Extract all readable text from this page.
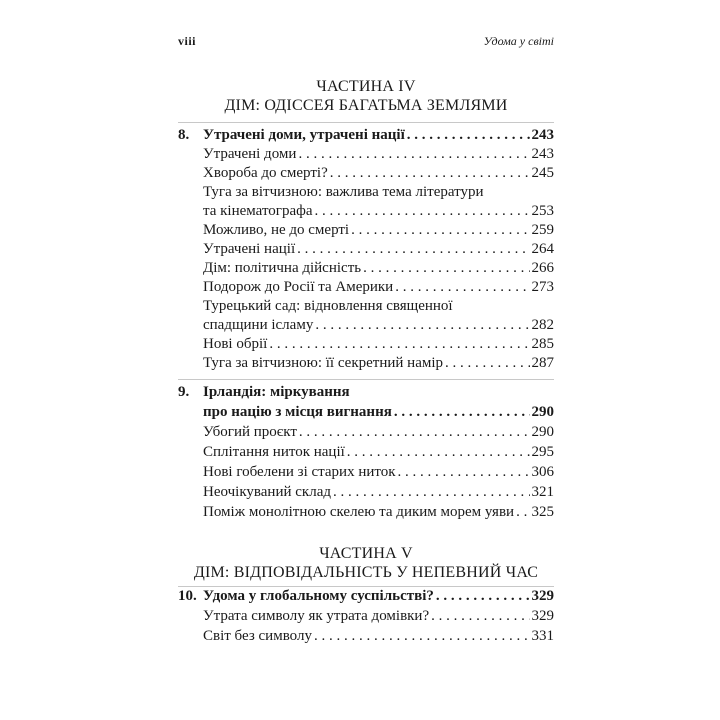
viii	Удома у світі
ЧАСТИНА IV
ДІМ: ОДІССЕЯ БАГАТЬМА ЗЕМЛЯМИ
8. Утрачені доми, утрачені нації . . .	243
Утрачені доми . . .	243
Хвороба до смерті? . . .	245
Туга за вітчизною: важлива тема літератури
та кінематографа . . .	253
Можливо, не до смерті . . .	259
Утрачені нації . . .	264
Дім: політична дійсність . . .	266
Подорож до Росії та Америки . . .	273
Турецький сад: відновлення священної
спадщини ісламу . . .	282
Нові обрії . . .	285
Туга за вітчизною: її секретний намір . . .	287
9. Ірландія: міркування
про націю з місця вигнання . . .	290
Убогий проєкт . . .	290
Сплітання ниток нації . . .	295
Нові гобелени зі старих ниток . . .	306
Неочікуваний склад . . .	321
Поміж монолітною скелею та диким морем уяви . . . 325
ЧАСТИНА V
ДІМ: ВІДПОВІДАЛЬНІСТЬ У НЕПЕВНИЙ ЧАС
10. Удома у глобальному суспільстві? . . .	329
Утрата символу як утрата домівки? . . .	329
Світ без символу . . .	331
